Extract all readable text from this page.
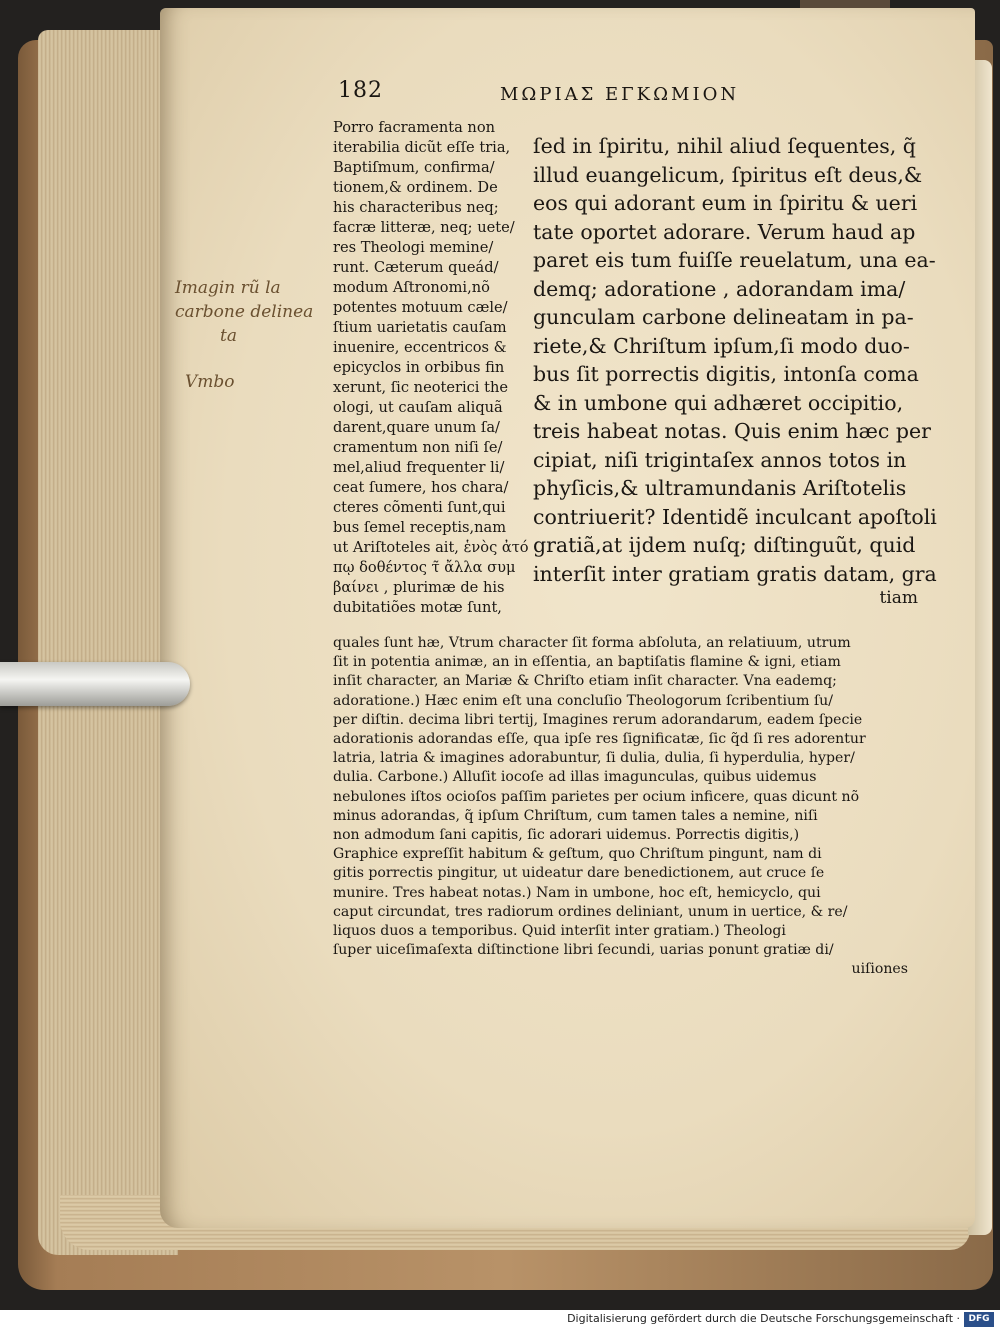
182	ΜΩΡΙΑΣ ΕΓΚΩΜΙΟΝ
Porro facramenta non
iterabilia dicũt eſſe tria,
Baptiſmum, confirma/
tionem,& ordinem. De
his characteribus neq;
facræ litteræ, neq; uete/
res Theologi memine/
runt. Cæterum queád/
modum Aſtronomi,nõ
potentes motuum cæle/
ſtium uarietatis cauſam
inuenire, eccentricos &
epicyclos in orbibus fin
xerunt, ſic neoterici the
ologi, ut cauſam aliquã
darent,quare unum ſa/
cramentum non niſi ſe/
mel,aliud frequenter li/
ceat ſumere, hos chara/
cteres cõmenti ſunt,qui
bus ſemel receptis,nam
ut Ariſtoteles ait, ἑνὸς ἀτό
πῳ δοθέντος τ̃ ἄλλα συμ
βαίνει , plurimæ de his
dubitatiões motæ ſunt,
ſed in ſpiritu, nihil aliud ſequentes, q̃
illud euangelicum, ſpiritus eſt deus,&
eos qui adorant eum in ſpiritu & ueri
tate oportet adorare. Verum haud ap
paret eis tum fuiſſe reuelatum, una ea-
demq; adoratione , adorandam ima/
gunculam carbone delineatam in pa-
riete,& Chriſtum ipſum,ſi modo duo-
bus ſit porrectis digitis, intonſa coma
& in umbone qui adhæret occipitio,
treis habeat notas. Quis enim hæc per
cipiat, niſi trigintaſex annos totos in
phyſicis,& ultramundanis Ariſtotelis
contriuerit? Identidẽ inculcant apoſtoli
gratiã,at ijdem nuſq; diſtinguũt, quid
interſit inter gratiam gratis datam, gra
tiam
quales ſunt hæ, Vtrum character ſit forma abſoluta, an relatiuum, utrum
ſit in potentia animæ, an in eſſentia, an baptiſatis flamine & igni, etiam
inſit character, an Mariæ & Chriſto etiam inſit character. Vna eademq;
adoratione.) Hæc enim eſt una concluſio Theologorum ſcribentium ſu/
per diſtin. decima libri tertij, Imagines rerum adorandarum, eadem ſpecie
adorationis adorandas eſſe, qua ipſe res ſignificatæ, ſic q̃d ſi res adorentur
latria, latria & imagines adorabuntur, ſi dulia, dulia, ſi hyperdulia, hyper/
dulia. Carbone.) Alluſit iocoſe ad illas imagunculas, quibus uidemus
nebulones iſtos ocioſos paſſim parietes per ocium inficere, quas dicunt nõ
minus adorandas, q̃ ipſum Chriſtum, cum tamen tales a nemine, niſi
non admodum ſani capitis, ſic adorari uidemus. Porrectis digitis,)
Graphice expreſſit habitum & geſtum, quo Chriſtum pingunt, nam di
gitis porrectis pingitur, ut uideatur dare benedictionem, aut cruce ſe
munire. Tres habeat notas.) Nam in umbone, hoc eſt, hemicyclo, qui
caput circundat, tres radiorum ordines deliniant, unum in uertice, & re/
liquos duos a temporibus. Quid interſit inter gratiam.) Theologi
ſuper uiceſimaſexta diſtinctione libri ſecundi, uarias ponunt gratiæ di/
uiſiones
Imagin rũ la
carbone delinea
ta
Vmbo
Digitalisierung gefördert durch die Deutsche Forschungsgemeinschaft · DFG
